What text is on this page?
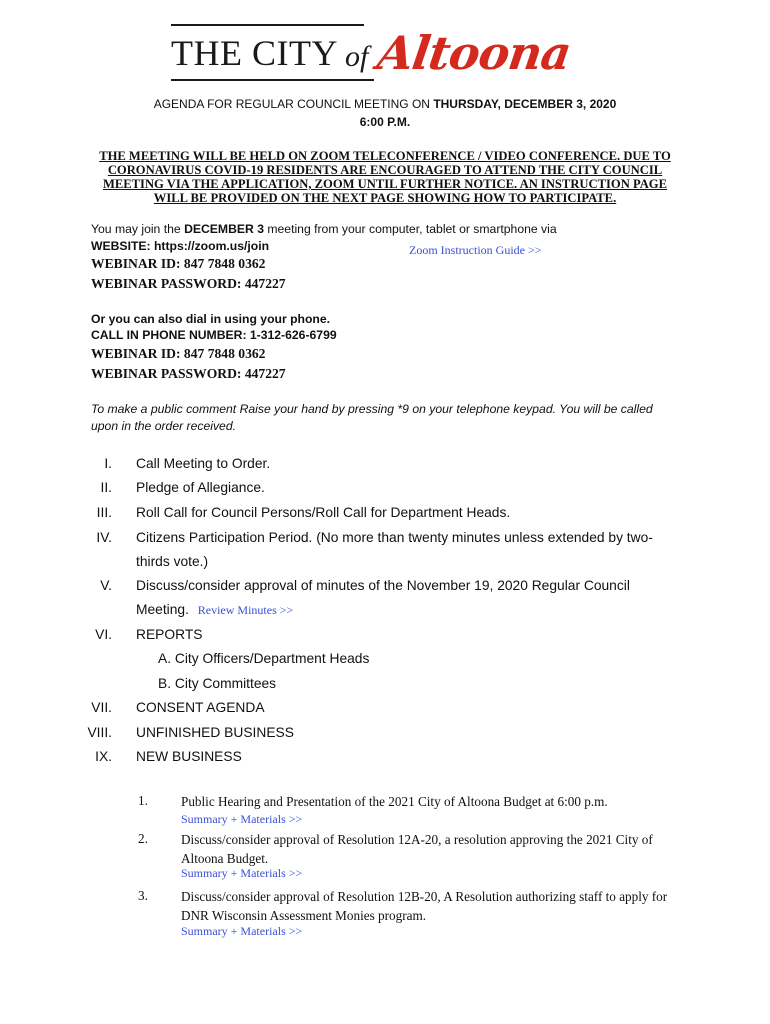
THE CITY of Altoona
AGENDA FOR REGULAR COUNCIL MEETING ON THURSDAY, DECEMBER 3, 2020
6:00 P.M.
THE MEETING WILL BE HELD ON ZOOM TELECONFERENCE / VIDEO CONFERENCE. DUE TO
CORONAVIRUS COVID-19 RESIDENTS ARE ENCOURAGED TO ATTEND THE CITY COUNCIL
MEETING VIA THE APPLICATION, ZOOM UNTIL FURTHER NOTICE. AN INSTRUCTION PAGE
WILL BE PROVIDED ON THE NEXT PAGE SHOWING HOW TO PARTICIPATE.
You may join the DECEMBER 3 meeting from your computer, tablet or smartphone via
WEBSITE: https://zoom.us/join	Zoom Instruction Guide >>
WEBINAR ID: 847 7848 0362
WEBINAR PASSWORD: 447227
Or you can also dial in using your phone.
CALL IN PHONE NUMBER: 1-312-626-6799
WEBINAR ID: 847 7848 0362
WEBINAR PASSWORD: 447227
To make a public comment Raise your hand by pressing *9 on your telephone keypad. You will be called
upon in the order received.
I. Call Meeting to Order.
II. Pledge of Allegiance.
III. Roll Call for Council Persons/Roll Call for Department Heads.
IV. Citizens Participation Period. (No more than twenty minutes unless extended by two-
thirds vote.)
V. Discuss/consider approval of minutes of the November 19, 2020 Regular Council
Meeting. Review Minutes >>
VI. REPORTS
A. City Officers/Department Heads
B. City Committees
VII. CONSENT AGENDA
VIII. UNFINISHED BUSINESS
IX. NEW BUSINESS
1.	Public Hearing and Presentation of the 2021 City of Altoona Budget at 6:00 p.m.
Summary + Materials >>
2.	Discuss/consider approval of Resolution 12A-20, a resolution approving the 2021 City of Altoona Budget.
Summary + Materials >>
3.	Discuss/consider approval of Resolution 12B-20, A Resolution authorizing staff to apply for DNR Wisconsin Assessment Monies program.
Summary + Materials >>
